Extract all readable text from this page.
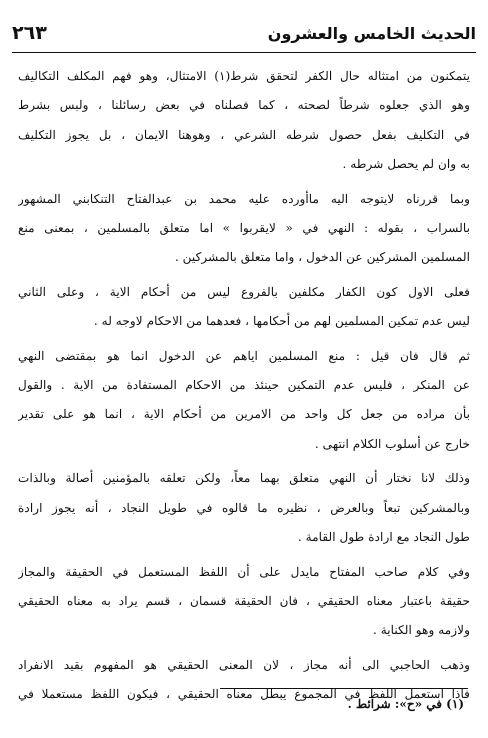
٢٦٣	الحديث الخامس والعشرون
يتمكنون من امتثاله حال الكفر لتحقق شرط(١) الامتثال، وهو فهم المكلف التكاليف
وهو الذي جعلوه شرطاً لصحته ، كما فصلناه في بعض رسائلنا ، ولبس بشرط
في التكليف بفعل حصول شرطه الشرعي ، وهوهنا الايمان ، بل يجوز التكليف
به وان لم يحصل شرطه .
وبما قررناه لايتوجه اليه ماأورده عليه محمد بن عبدالفتاح التنكابني المشهور
بالسراب ، بقوله : النهي في « لايقربوا » اما متعلق بالمسلمين ، بمعنى منع
المسلمين المشركين عن الدخول ، واما متعلق بالمشركين .
فعلى الاول كون الكفار مكلفين بالفروع ليس من أحكام الاية ، وعلى الثاني
ليس عدم تمكين المسلمين لهم من أحكامها ، فعدهما من الاحكام لاوجه له .
ثم قال فان قيل : منع المسلمين اياهم عن الدخول انما هو بمقتضى النهي
عن المنكر ، فليس عدم التمكين حينئذ من الاحكام المستفادة من الاية . والقول
بأن مراده من جعل كل واحد من الامرين من أحكام الاية ، انما هو على تقدير
خارج عن أسلوب الكلام انتهى .
وذلك لانا نختار أن النهي متعلق بهما معاً، ولكن تعلقه بالمؤمنين أصالة وبالذات
وبالمشركين تبعاً وبالعرض ، نظيره ما قالوه في طويل النجاد ، أنه يجوز ارادة
طول النجاد مع ارادة طول القامة .
وفي كلام صاحب المفتاح مايدل على أن اللفظ المستعمل في الحقيقة والمجاز
حقيقة باعتبار معناه الحقيقي ، فان الحقيقة قسمان ، قسم يراد به معناه الحقيقي
ولازمه وهو الكناية .
وذهب الحاجبي الى أنه مجاز ، لان المعنى الحقيقي هو المفهوم بقيد الانفراد
فاذا استعمل اللفظ في المجموع يبطل معناه الحقيقي ، فيكون اللفظ مستعملا في
(١) في «ح»: شرائط .
